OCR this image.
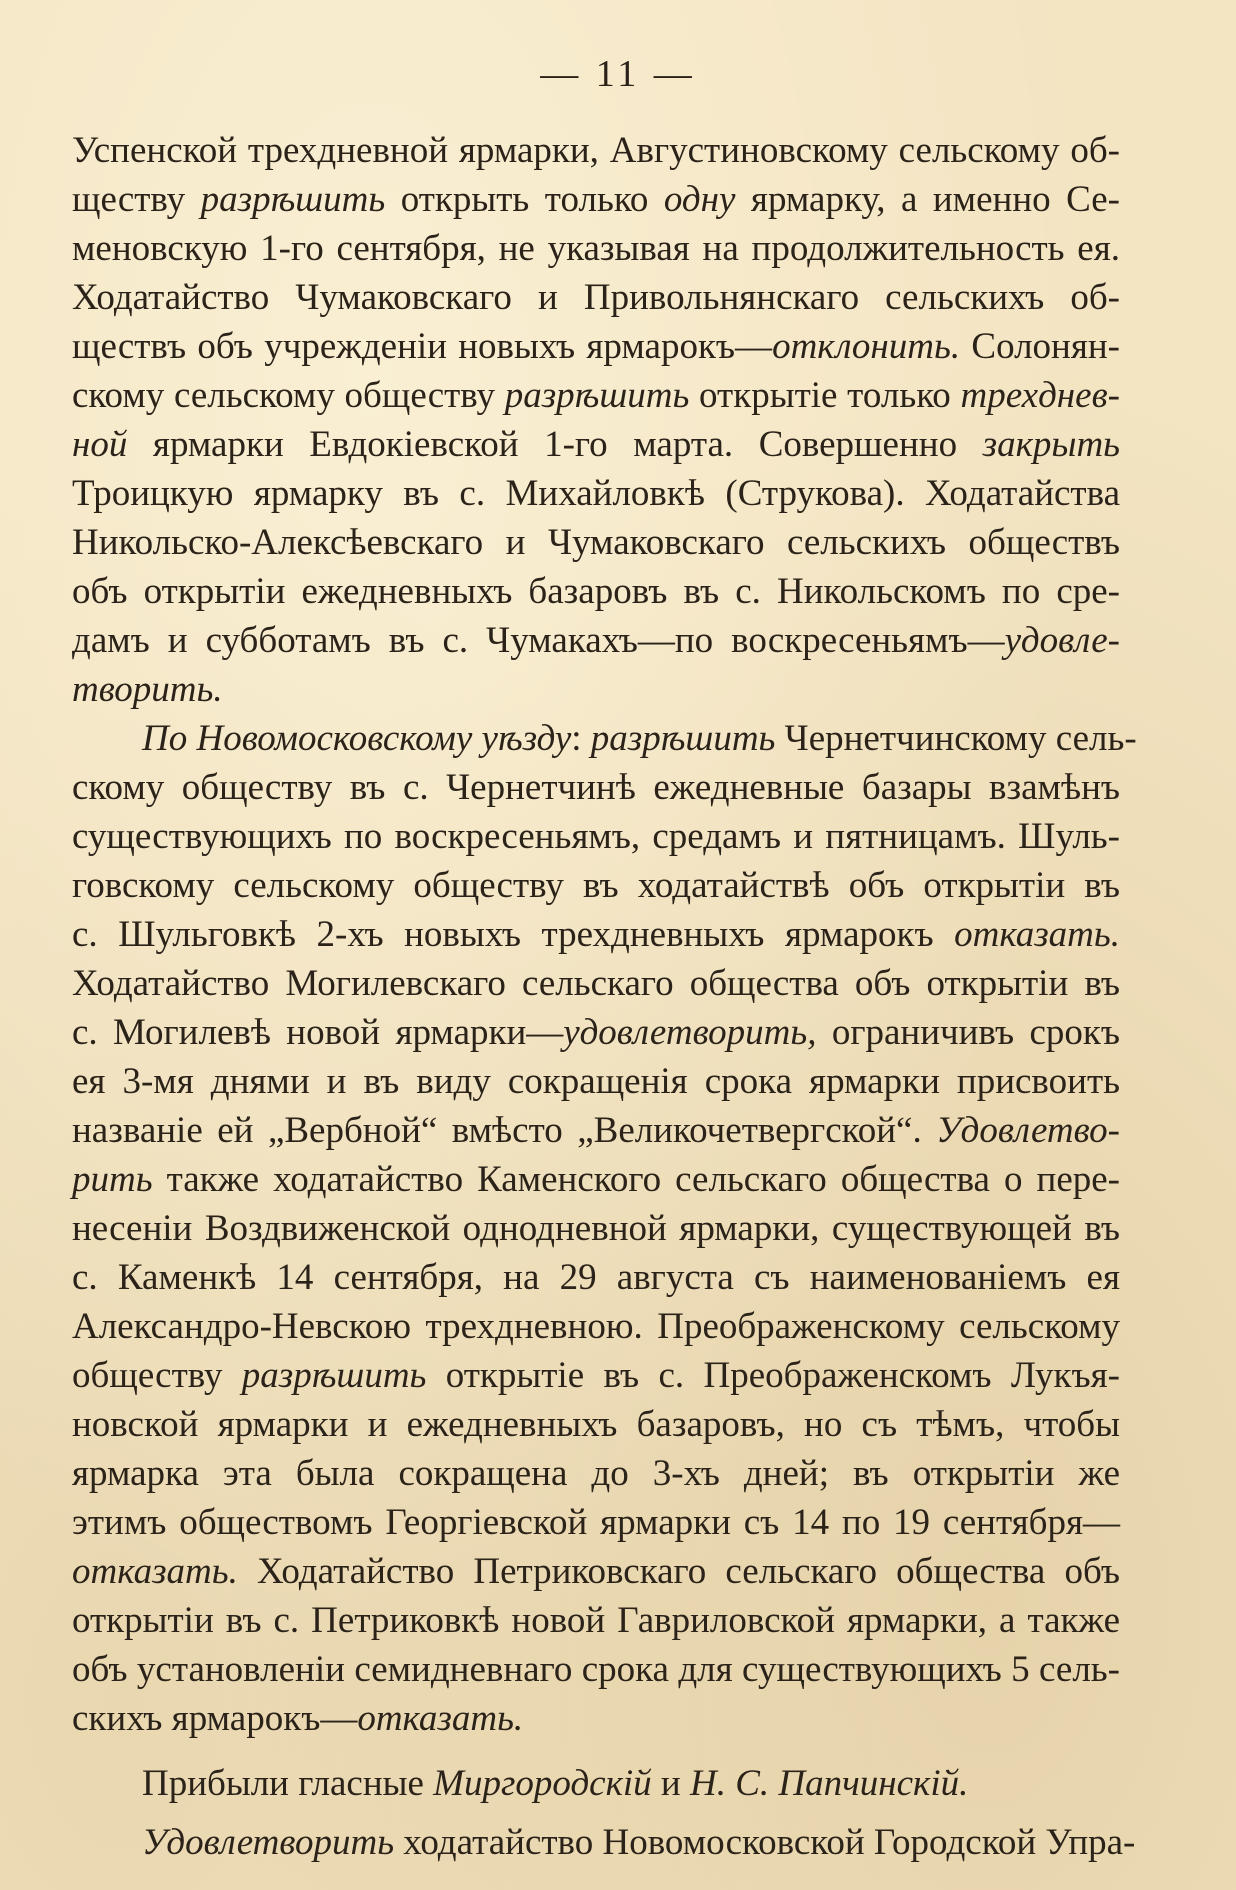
— 11 —
Успенской трехдневной ярмарки, Августиновскому сельскому об-
ществу разрѣшить открыть только одну ярмарку, а именно Се-
меновскую 1-го сентября, не указывая на продолжительность ея.
Ходатайство Чумаковскаго и Привольнянскаго сельскихъ об-
ществъ объ учрежденіи новыхъ ярмарокъ—отклонить. Солонян-
скому сельскому обществу разрѣшить открытіе только трехднев-
ной ярмарки Евдокіевской 1-го марта. Совершенно закрыть
Троицкую ярмарку въ с. Михайловкѣ (Струкова). Ходатайства
Никольско-Алексѣевскаго и Чумаковскаго сельскихъ обществъ
объ открытіи ежедневныхъ базаровъ въ с. Никольскомъ по сре-
дамъ и субботамъ въ с. Чумакахъ—по воскресеньямъ—удовле-
творить.
По Новомосковскому уѣзду: разрѣшить Чернетчинскому сель-
скому обществу въ с. Чернетчинѣ ежедневные базары взамѣнъ
существующихъ по воскресеньямъ, средамъ и пятницамъ. Шуль-
говскому сельскому обществу въ ходатайствѣ объ открытіи въ
с. Шульговкѣ 2-хъ новыхъ трехдневныхъ ярмарокъ отказать.
Ходатайство Могилевскаго сельскаго общества объ открытіи въ
с. Могилевѣ новой ярмарки—удовлетворить, ограничивъ срокъ
ея 3-мя днями и въ виду сокращенія срока ярмарки присвоить
названіе ей „Вербной“ вмѣсто „Великочетвергской“. Удовлетво-
рить также ходатайство Каменского сельскаго общества о пере-
несеніи Воздвиженской однодневной ярмарки, существующей въ
с. Каменкѣ 14 сентября, на 29 августа съ наименованіемъ ея
Александро-Невскою трехдневною. Преображенскому сельскому
обществу разрѣшить открытіе въ с. Преображенскомъ Лукъя-
новской ярмарки и ежедневныхъ базаровъ, но съ тѣмъ, чтобы
ярмарка эта была сокращена до 3-хъ дней; въ открытіи же
этимъ обществомъ Георгіевской ярмарки съ 14 по 19 сентября—
отказать. Ходатайство Петриковскаго сельскаго общества объ
открытіи въ с. Петриковкѣ новой Гавриловской ярмарки, а также
объ установленіи семидневнаго срока для существующихъ 5 сель-
скихъ ярмарокъ—отказать.
Прибыли гласные Миргородскій и Н. С. Папчинскій.
Удовлетворить ходатайство Новомосковской Городской Упра-
